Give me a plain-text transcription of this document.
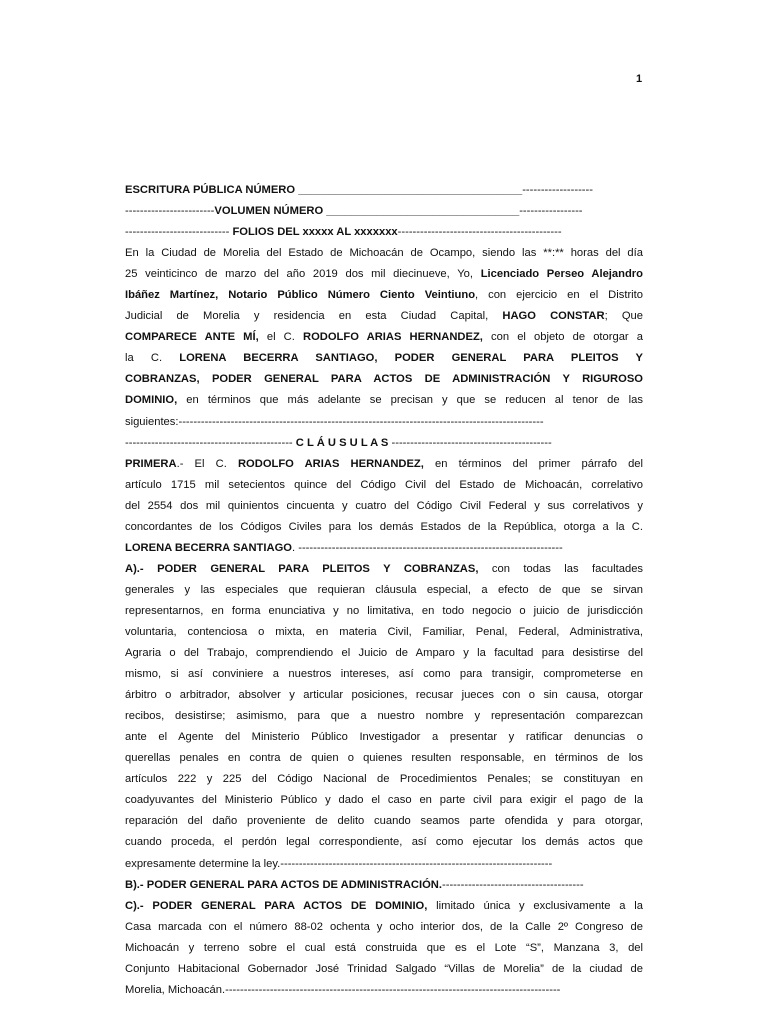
1
ESCRITURA PÚBLICA NÚMERO ____________________________________-------------------
------------------------VOLUMEN NÚMERO _______________________________-----------------
---------------------------- FOLIOS DEL xxxxx AL xxxxxxx--------------------------------------------
En la Ciudad de Morelia del Estado de Michoacán de Ocampo, siendo las **:** horas del día
25 veinticinco de marzo del año 2019 dos mil diecinueve, Yo, Licenciado Perseo Alejandro
Ibáñez Martínez, Notario Público Número Ciento Veintiuno, con ejercicio en el Distrito
Judicial de Morelia y residencia en esta Ciudad Capital, HAGO CONSTAR; Que
COMPARECE ANTE MÍ, el C. RODOLFO ARIAS HERNANDEZ, con el objeto de otorgar a
la C. LORENA BECERRA SANTIAGO, PODER GENERAL PARA PLEITOS Y
COBRANZAS, PODER GENERAL PARA ACTOS DE ADMINISTRACIÓN Y RIGUROSO
DOMINIO, en términos que más adelante se precisan y que se reducen al tenor de las
siguientes:--------------------------------------------------------------------------------------------------
--------------------------------------------- C L Á U S U L A S -------------------------------------------
PRIMERA.- El C. RODOLFO ARIAS HERNANDEZ, en términos del primer párrafo del
artículo 1715 mil setecientos quince del Código Civil del Estado de Michoacán, correlativo
del 2554 dos mil quinientos cincuenta y cuatro del Código Civil Federal y sus correlativos y
concordantes de los Códigos Civiles para los demás Estados de la República, otorga a la C.
LORENA BECERRA SANTIAGO. -----------------------------------------------------------------------
A).- PODER GENERAL PARA PLEITOS Y COBRANZAS, con todas las facultades
generales y las especiales que requieran cláusula especial, a efecto de que se sirvan
representarnos, en forma enunciativa y no limitativa, en todo negocio o juicio de jurisdicción
voluntaria, contenciosa o mixta, en materia Civil, Familiar, Penal, Federal, Administrativa,
Agraria o del Trabajo, comprendiendo el Juicio de Amparo y la facultad para desistirse del
mismo, si así conviniere a nuestros intereses, así como para transigir, comprometerse en
árbitro o arbitrador, absolver y articular posiciones, recusar jueces con o sin causa, otorgar
recibos, desistirse; asimismo, para que a nuestro nombre y representación comparezcan
ante el Agente del Ministerio Público Investigador a presentar y ratificar denuncias o
querellas penales en contra de quien o quienes resulten responsable, en términos de los
artículos 222 y 225 del Código Nacional de Procedimientos Penales; se constituyan en
coadyuvantes del Ministerio Público y dado el caso en parte civil para exigir el pago de la
reparación del daño proveniente de delito cuando seamos parte ofendida y para otorgar,
cuando proceda, el perdón legal correspondiente, así como ejecutar los demás actos que
expresamente determine la ley.-------------------------------------------------------------------------
B).- PODER GENERAL PARA ACTOS DE ADMINISTRACIÓN.--------------------------------------
C).- PODER GENERAL PARA ACTOS DE DOMINIO, limitado única y exclusivamente a la
Casa marcada con el número 88-02 ochenta y ocho interior dos, de la Calle 2º Congreso de
Michoacán y terreno sobre el cual está construida que es el Lote “S”, Manzana 3, del
Conjunto Habitacional Gobernador José Trinidad Salgado “Villas de Morelia” de la ciudad de
Morelia, Michoacán.------------------------------------------------------------------------------------------
